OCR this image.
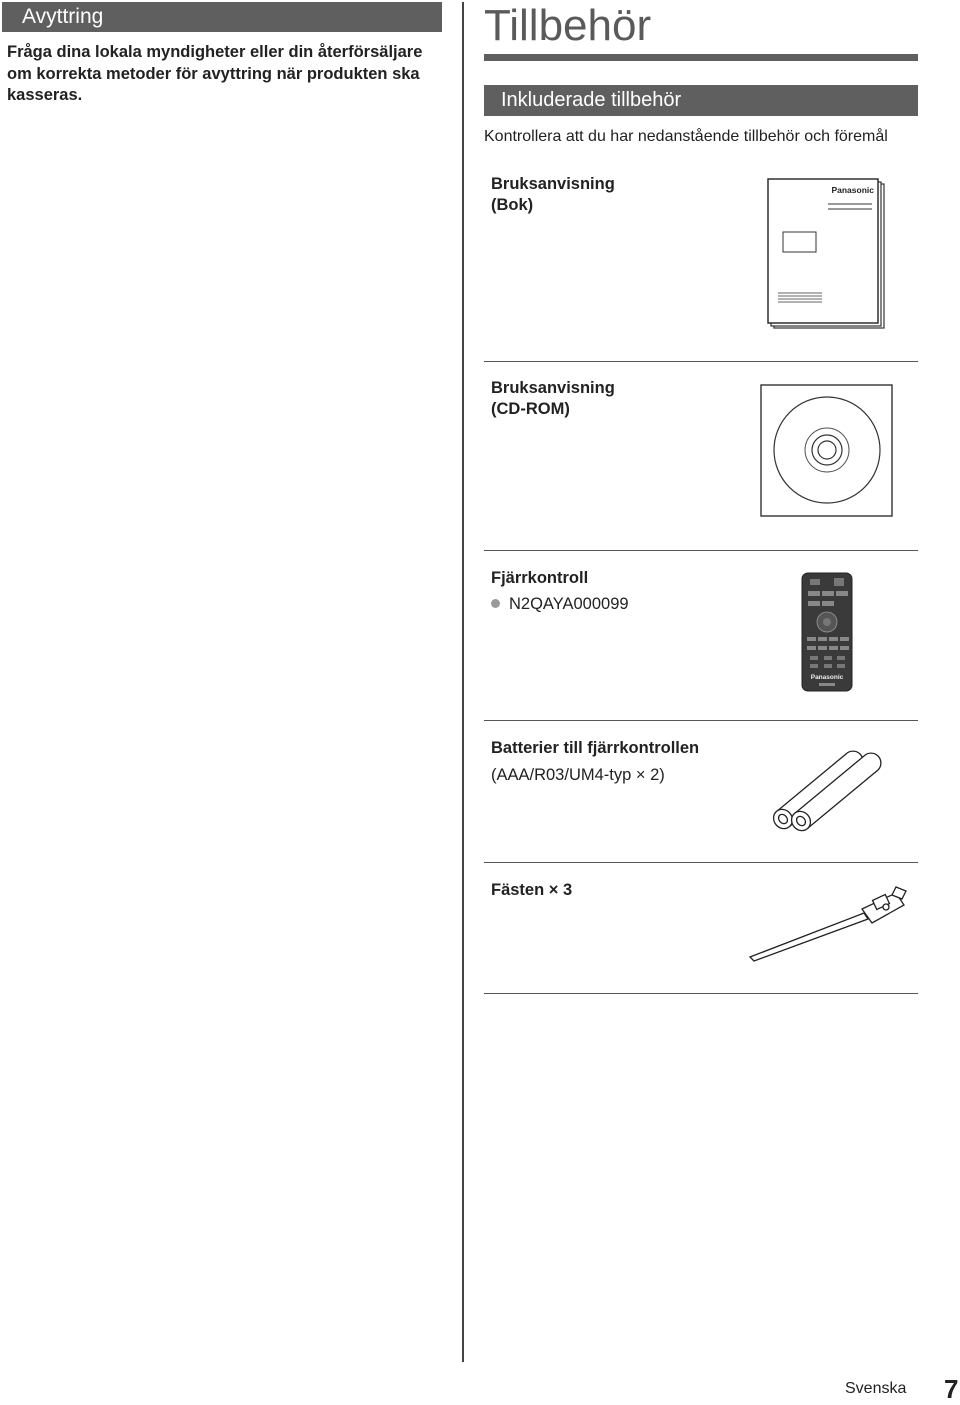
Avyttring
Fråga dina lokala myndigheter eller din återförsäljare om korrekta metoder för avyttring när produkten ska kasseras.
Tillbehör
Inkluderade tillbehör
Kontrollera att du har nedanstående tillbehör och föremål
Bruksanvisning
(Bok)
Panasonic
Bruksanvisning
(CD-ROM)
Fjärrkontroll
N2QAYA000099
Panasonic
Batterier till fjärrkontrollen
(AAA/R03/UM4-typ × 2)
Fästen × 3
Svenska 7
